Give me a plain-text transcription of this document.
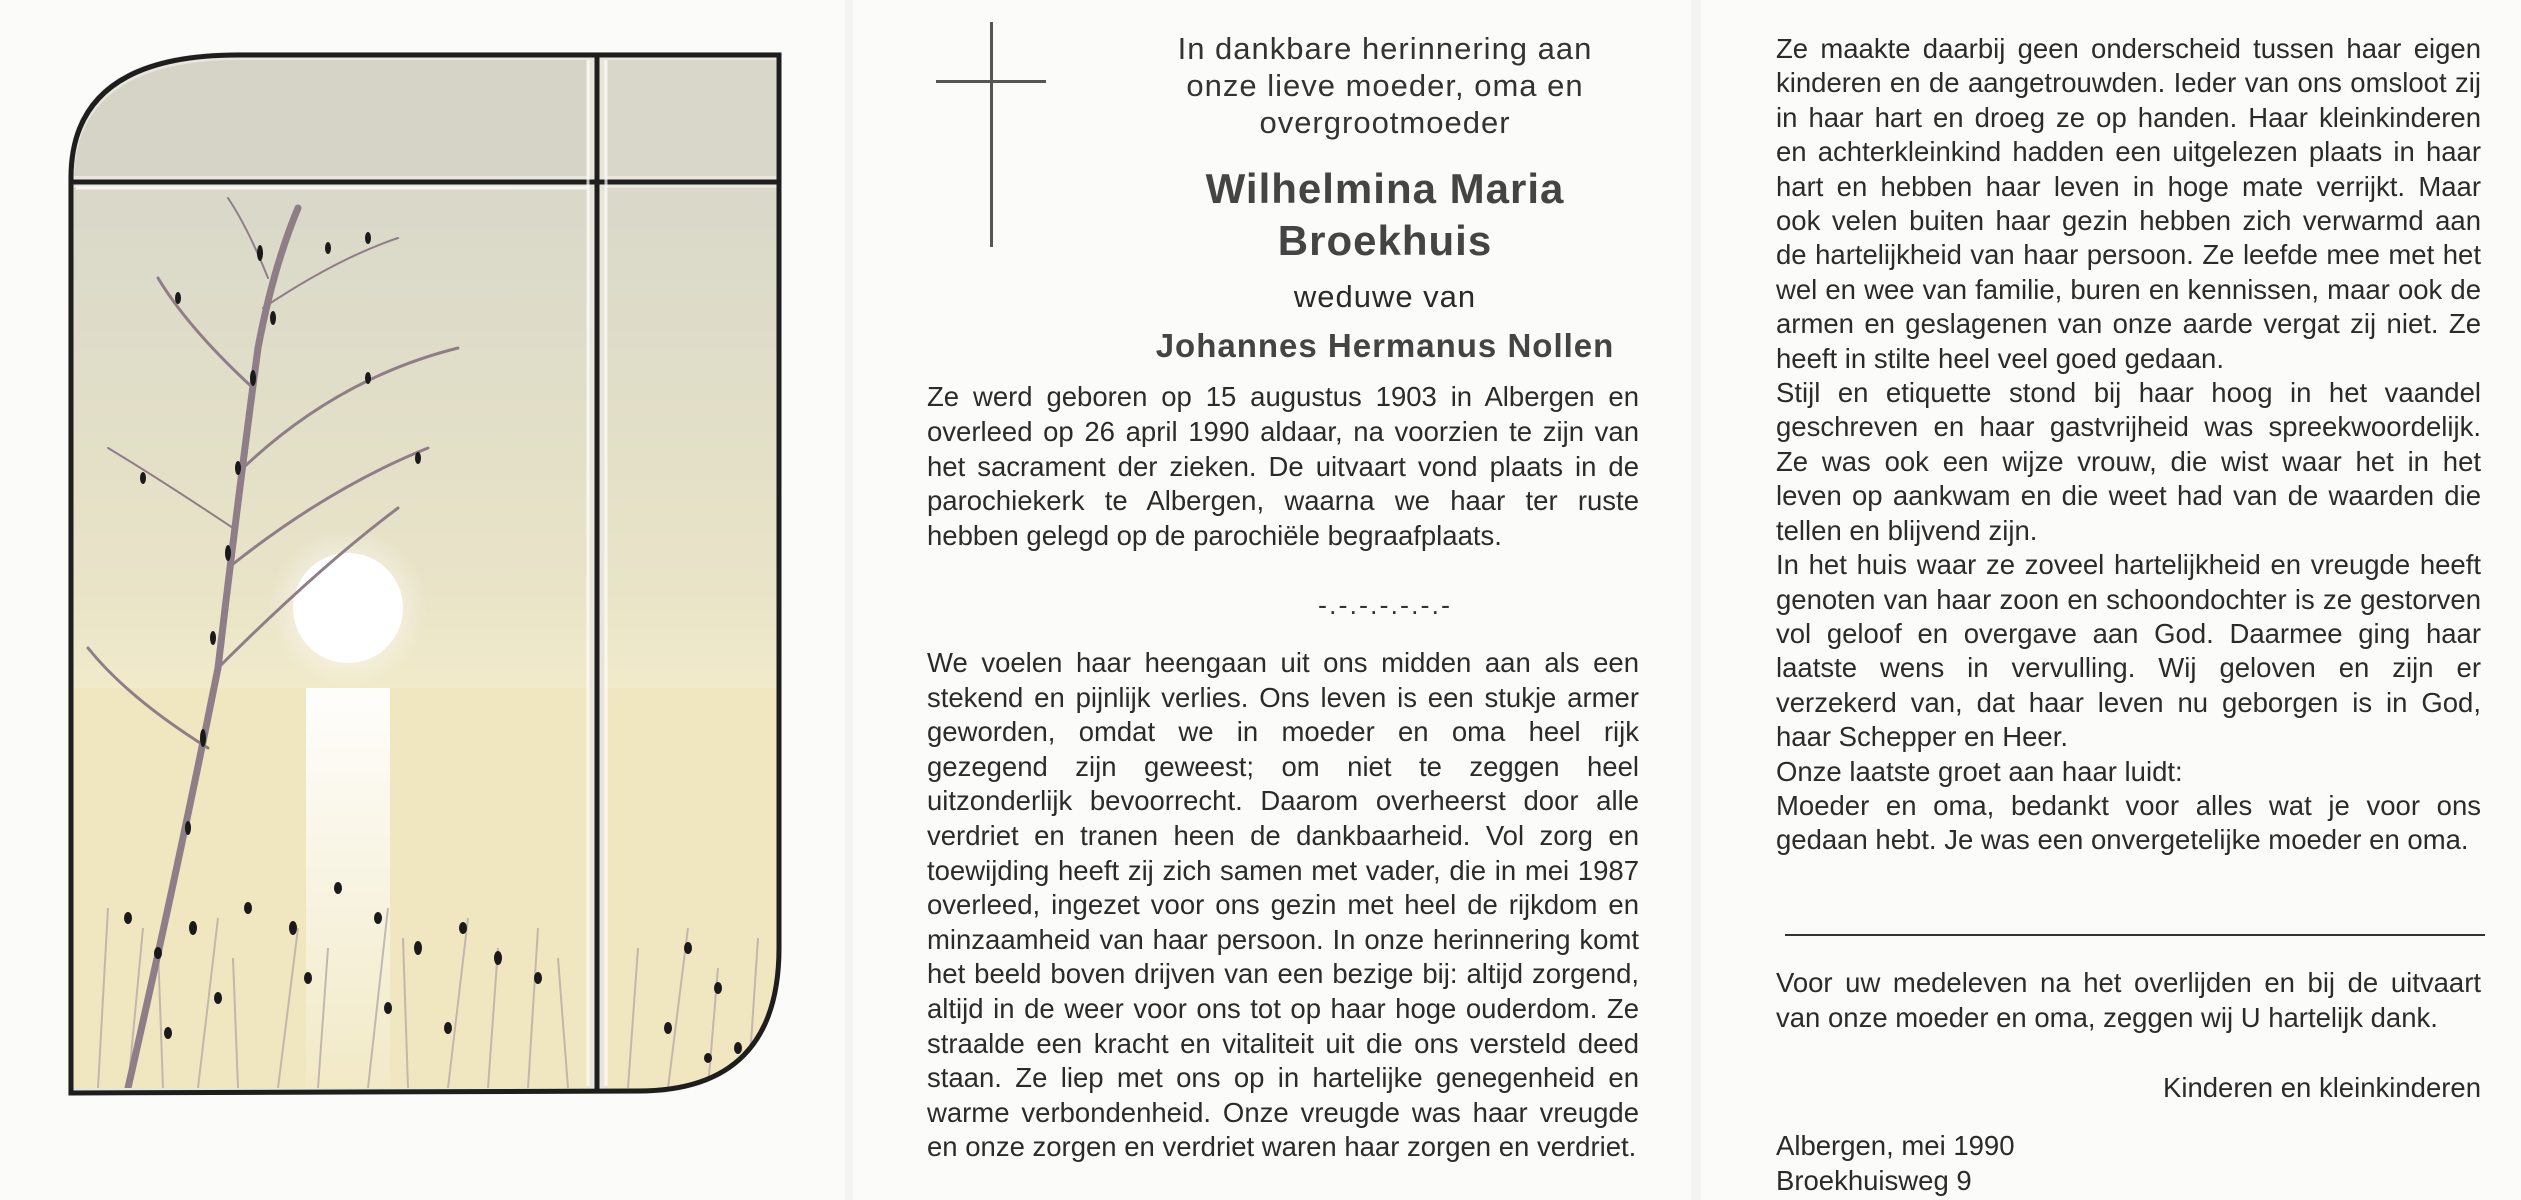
In dankbare herinnering aan
onze lieve moeder, oma en
overgrootmoeder
Wilhelmina Maria
Broekhuis
weduwe van
Johannes Hermanus Nollen

Ze werd geboren op 15 augustus 1903 in Albergen en overleed op 26 april 1990 aldaar, na voorzien te zijn van het sacrament der zieken. De uitvaart vond plaats in de parochiekerk te Albergen, waarna we haar ter ruste hebben gelegd op de parochiële begraafplaats.

-.-.-.-.-.-.-

We voelen haar heengaan uit ons midden aan als een stekend en pijnlijk verlies. Ons leven is een stukje armer geworden, omdat we in moeder en oma heel rijk gezegend zijn geweest; om niet te zeggen heel uitzonderlijk bevoorrecht. Daarom overheerst door alle verdriet en tranen heen de dankbaarheid. Vol zorg en toewijding heeft zij zich samen met vader, die in mei 1987 overleed, ingezet voor ons gezin met heel de rijkdom en minzaamheid van haar persoon. In onze herinnering komt het beeld boven drijven van een bezige bij: altijd zorgend, altijd in de weer voor ons tot op haar hoge ouderdom. Ze straalde een kracht en vitaliteit uit die ons versteld deed staan. Ze liep met ons op in hartelijke genegenheid en warme verbondenheid. Onze vreugde was haar vreugde en onze zorgen en verdriet waren haar zorgen en verdriet.

Ze maakte daarbij geen onderscheid tussen haar eigen kinderen en de aangetrouwden. Ieder van ons omsloot zij in haar hart en droeg ze op handen. Haar kleinkinderen en achterkleinkind hadden een uitgelezen plaats in haar hart en hebben haar leven in hoge mate verrijkt. Maar ook velen buiten haar gezin hebben zich verwarmd aan de hartelijkheid van haar persoon. Ze leefde mee met het wel en wee van familie, buren en kennissen, maar ook de armen en geslagenen van onze aarde vergat zij niet. Ze heeft in stilte heel veel goed gedaan.

Stijl en etiquette stond bij haar hoog in het vaandel geschreven en haar gastvrijheid was spreekwoordelijk. Ze was ook een wijze vrouw, die wist waar het in het leven op aankwam en die weet had van de waarden die tellen en blijvend zijn.

In het huis waar ze zoveel hartelijkheid en vreugde heeft genoten van haar zoon en schoondochter is ze gestorven vol geloof en overgave aan God. Daarmee ging haar laatste wens in vervulling. Wij geloven en zijn er verzekerd van, dat haar leven nu geborgen is in God, haar Schepper en Heer.

Onze laatste groet aan haar luidt:

Moeder en oma, bedankt voor alles wat je voor ons gedaan hebt. Je was een onvergetelijke moeder en oma.

Voor uw medeleven na het overlijden en bij de uitvaart van onze moeder en oma, zeggen wij U hartelijk dank.

Kinderen en kleinkinderen
Albergen, mei 1990
Broekhuisweg 9
